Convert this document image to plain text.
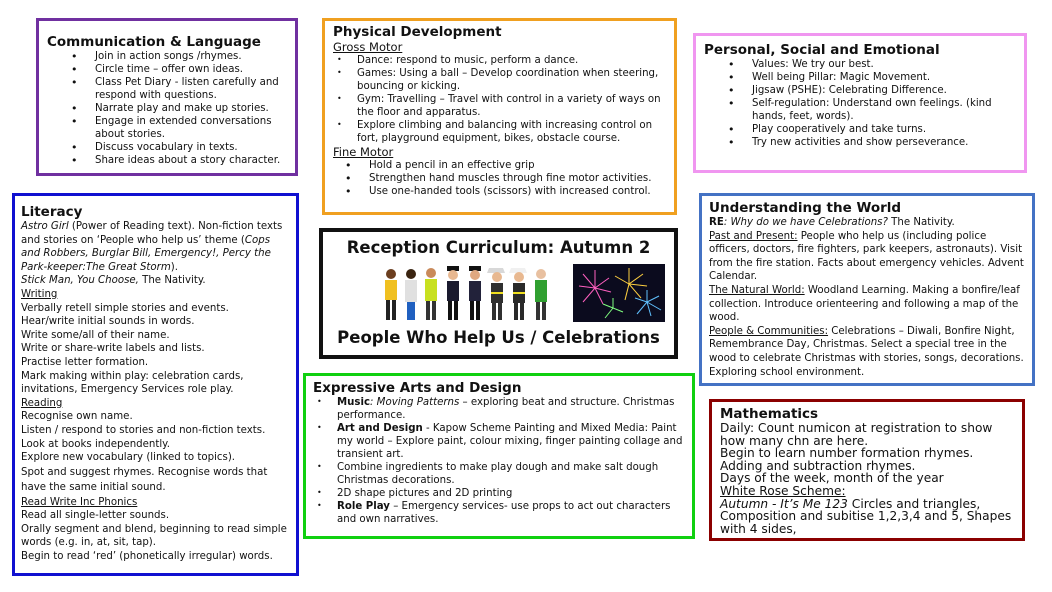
Communication & Language
• Join in action songs /rhymes.
• Circle time – offer own ideas.
• Class Pet Diary - listen carefully and respond with questions.
• Narrate play and make up stories.
• Engage in extended conversations about stories.
• Discuss vocabulary in texts.
• Share ideas about a story character.
Physical Development
Gross Motor
• Dance: respond to music, perform a dance.
• Games: Using a ball – Develop coordination when steering, bouncing or kicking.
• Gym: Travelling – Travel with control in a variety of ways on the floor and apparatus.
• Explore climbing and balancing with increasing control on fort, playground equipment, bikes, obstacle course.
Fine Motor
• Hold a pencil in an effective grip
• Strengthen hand muscles through fine motor activities.
• Use one-handed tools (scissors) with increased control.
Personal, Social and Emotional
• Values: We try our best.
• Well being Pillar: Magic Movement.
• Jigsaw (PSHE): Celebrating Difference.
• Self-regulation: Understand own feelings. (kind hands, feet, words).
• Play cooperatively and take turns.
• Try new activities and show perseverance.
Literacy

Astro Girl (Power of Reading text). Non-fiction texts and stories on ‘People who help us’ theme (Cops and Robbers, Burglar Bill, Emergency!, Percy the Park-keeper:The Great Storm).

Stick Man, You Choose, The Nativity.

Writing

Verbally retell simple stories and events.

Hear/write initial sounds in words.

Write some/all of their name.

Write or share-write labels and lists.

Practise letter formation.

Mark making within play: celebration cards, invitations, Emergency Services role play.

Reading

Recognise own name.

Listen / respond to stories and non-fiction texts.

Look at books independently.

Explore new vocabulary (linked to topics).

Spot and suggest rhymes. Recognise words that have the same initial sound.

Read Write Inc Phonics

Read all single-letter sounds.

Orally segment and blend, beginning to read simple words (e.g. in, at, sit, tap).

Begin to read ‘red’ (phonetically irregular) words.

Reception Curriculum: Autumn 2
People Who Help Us / Celebrations
Understanding the World

RE: Why do we have Celebrations? The Nativity.

Past and Present: People who help us (including police officers, doctors, fire fighters, park keepers, astronauts). Visit from the fire station. Facts about emergency vehicles. Advent Calendar.

The Natural World: Woodland Learning. Making a bonfire/leaf collection. Introduce orienteering and following a map of the wood.

People & Communities: Celebrations – Diwali, Bonfire Night, Remembrance Day, Christmas. Select a special tree in the wood to celebrate Christmas with stories, songs, decorations. Exploring school environment.

Expressive Arts and Design
• Music: Moving Patterns – exploring beat and structure. Christmas performance.
• Art and Design - Kapow Scheme Painting and Mixed Media: Paint my world – Explore paint, colour mixing, finger painting collage and transient art.
• Combine ingredients to make play dough and make salt dough Christmas decorations.
• 2D shape pictures and 2D printing
• Role Play – Emergency services- use props to act out characters and own narratives.
Mathematics
Daily: Count numicon at registration to show how many chn are here.
Begin to learn number formation rhymes.
Adding and subtraction rhymes.
Days of the week, month of the year
White Rose Scheme:
Autumn - It’s Me 123 Circles and triangles, Composition and subitise 1,2,3,4 and 5, Shapes with 4 sides,
